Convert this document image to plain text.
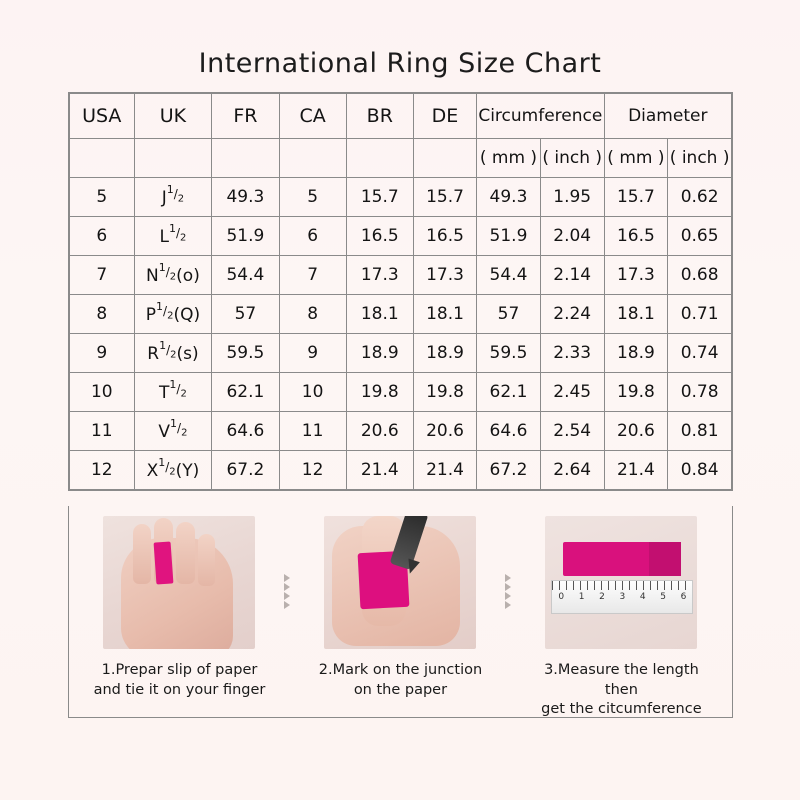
International Ring Size Chart
USA	UK	FR	CA	BR	DE	Circumference		Diameter	
						( mm )	( inch )	( mm )	( inch )
5	$J^1/_2$	49.3	5	15.7	15.7	49.3	1.95	15.7	0.62
6	$L^1/_2$	51.9	6	16.5	16.5	51.9	2.04	16.5	0.65
7	$N^1/_2(o)$	54.4	7	17.3	17.3	54.4	2.14	17.3	0.68
8	$P^1/_2(Q)$	57	8	18.1	18.1	57	2.24	18.1	0.71
9	$R^1/_2(s)$	59.5	9	18.9	18.9	59.5	2.33	18.9	0.74
10	$T^1/_2$	62.1	10	19.8	19.8	62.1	2.45	19.8	0.78
11	$V^1/_2$	64.6	11	20.6	20.6	64.6	2.54	20.6	0.81
12	$X^1/_2(Y)$	67.2	12	21.4	21.4	67.2	2.64	21.4	0.84
1.Prepar slip of paper
and tie it on your finger
2.Mark on the junction
on the paper
0 1 2 3 4 5 6
3.Measure the length then
get the citcumference
